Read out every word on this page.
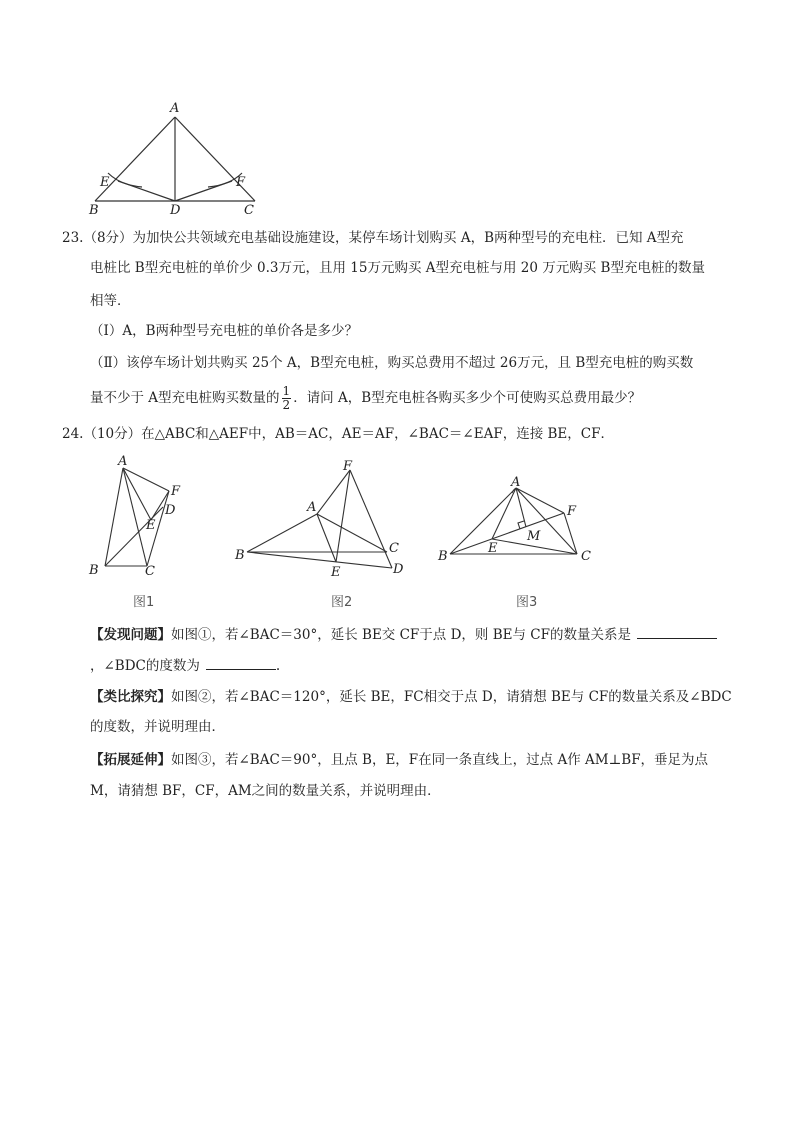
A
E	F
B	D	C
23.（8分）为加快公共领域充电基础设施建设，某停车场计划购买 A，B两种型号的充电柱．已知 A型充
电桩比 B型充电桩的单价少 0.3万元，且用 15万元购买 A型充电桩与用 20 万元购买 B型充电桩的数量
相等．
（Ⅰ）A，B两种型号充电桩的单价各是多少？
（Ⅱ）该停车场计划共购买 25个 A，B型充电桩，购买总费用不超过 26万元，且 B型充电桩的购买数
量不少于 A型充电桩购买数量的 $\frac{1}{2}$ ．请问 A，B型充电桩各购买多少个可使购买总费用最少？
24.（10分）在△ABC和△AEF中，AB＝AC，AE＝AF，∠BAC＝∠EAF，连接 BE，CF．
A
F
D
E
B	C
图1
F
A
B	C
E	D
图2
A
F
M
E
B	C
图3
【发现问题】如图①，若∠BAC＝30°，延长 BE交 CF于点 D，则 BE与 CF的数量关系是
，∠BDC的度数为	.
【类比探究】如图②，若∠BAC＝120°，延长 BE，FC相交于点 D，请猜想 BE与 CF的数量关系及∠BDC
的度数，并说明理由．
【拓展延伸】如图③，若∠BAC＝90°，且点 B，E，F在同一条直线上，过点 A作 AM⊥BF，垂足为点
M，请猜想 BF，CF，AM之间的数量关系，并说明理由．
